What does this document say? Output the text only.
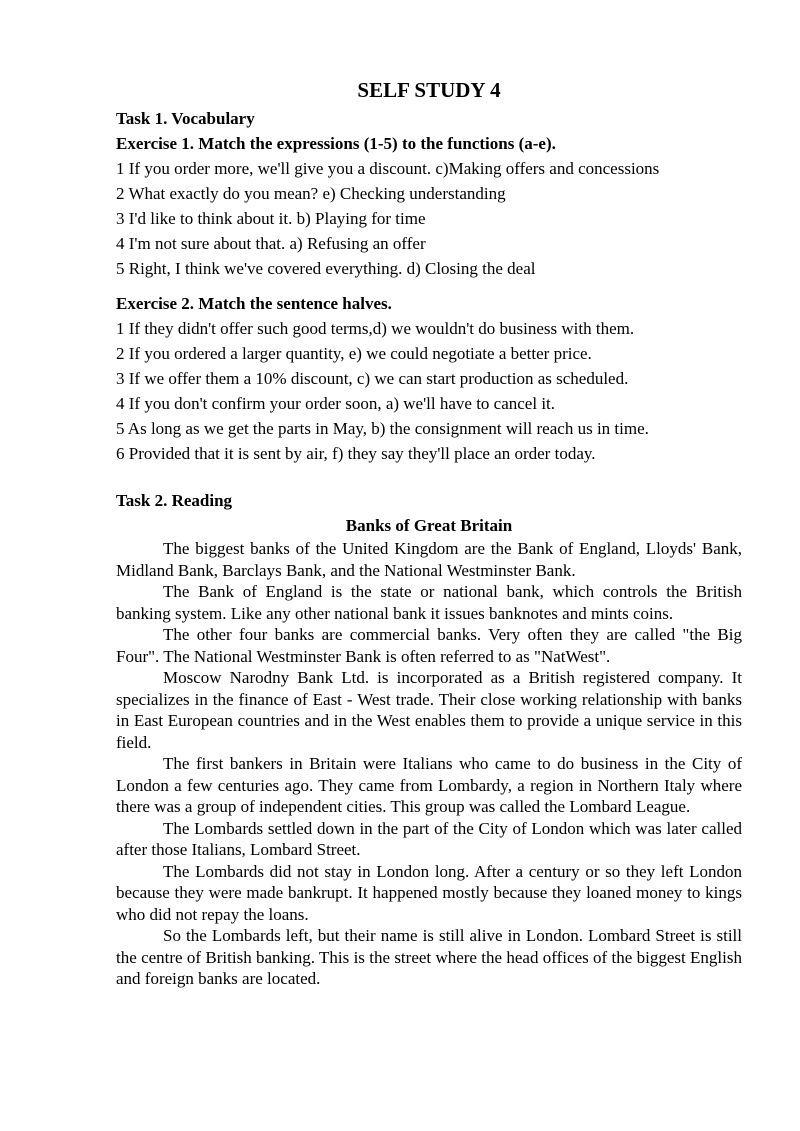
SELF STUDY 4
Task 1. Vocabulary
Exercise 1. Match the expressions (1-5) to the functions (a-e).
1 If you order more, we'll give you a discount. c)Making offers and concessions
2 What exactly do you mean? e) Checking understanding
3 I'd like to think about it. b) Playing for time
4 I'm not sure about that. a) Refusing an offer
5 Right, I think we've covered everything. d) Closing the deal
Exercise 2. Match the sentence halves.
1 If they didn't offer such good terms,d) we wouldn't do business with them.
2 If you ordered a larger quantity, e) we could negotiate a better price.
3 If we offer them a 10% discount, c) we can start production as scheduled.
4 If you don't confirm your order soon, a) we'll have to cancel it.
5 As long as we get the parts in May, b) the consignment will reach us in time.
6 Provided that it is sent by air, f) they say they'll place an order today.
Task 2. Reading
Banks of Great Britain

The biggest banks of the United Kingdom are the Bank of England, Lloyds' Bank, Midland Bank, Barclays Bank, and the National Westminster Bank.

The Bank of England is the state or national bank, which controls the British banking system. Like any other national bank it issues banknotes and mints coins.

The other four banks are commercial banks. Very often they are called "the Big Four". The National Westminster Bank is often referred to as "NatWest".

Moscow Narodny Bank Ltd. is incorporated as a British registered company. It specializes in the finance of East - West trade. Their close working relationship with banks in East European countries and in the West enables them to provide a unique service in this field.

The first bankers in Britain were Italians who came to do business in the City of London a few centuries ago. They came from Lombardy, a region in Northern Italy where there was a group of independent cities. This group was called the Lombard League.

The Lombards settled down in the part of the City of London which was later called after those Italians, Lombard Street.

The Lombards did not stay in London long. After a century or so they left London because they were made bankrupt. It happened mostly because they loaned money to kings who did not repay the loans.

So the Lombards left, but their name is still alive in London. Lombard Street is still the centre of British banking. This is the street where the head offices of the biggest English and foreign banks are located.
